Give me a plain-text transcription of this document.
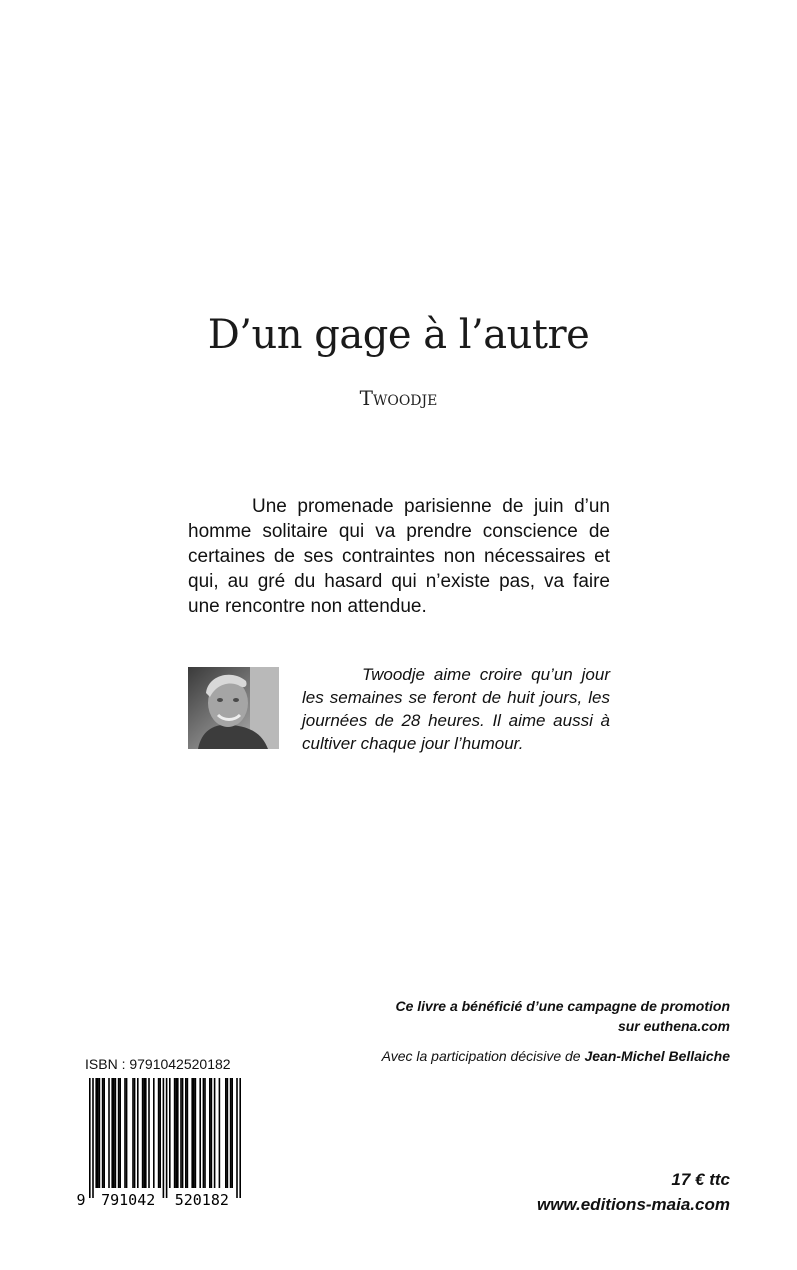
D’un gage à l’autre
Twoodje
Une promenade parisienne de juin d’un homme solitaire qui va prendre conscience de certaines de ses contraintes non nécessaires et qui, au gré du hasard qui n’existe pas, va faire une rencontre non attendue.
Twoodje aime croire qu’un jour les semaines se feront de huit jours, les journées de 28 heures. Il aime aussi à cultiver chaque jour l’humour.
Ce livre a bénéficié d’une campagne de promotion
sur euthena.com
Avec la participation décisive de Jean-Michel Bellaiche
ISBN : 9791042520182
9 791042 520182
17 € ttc
www.editions-maia.com
